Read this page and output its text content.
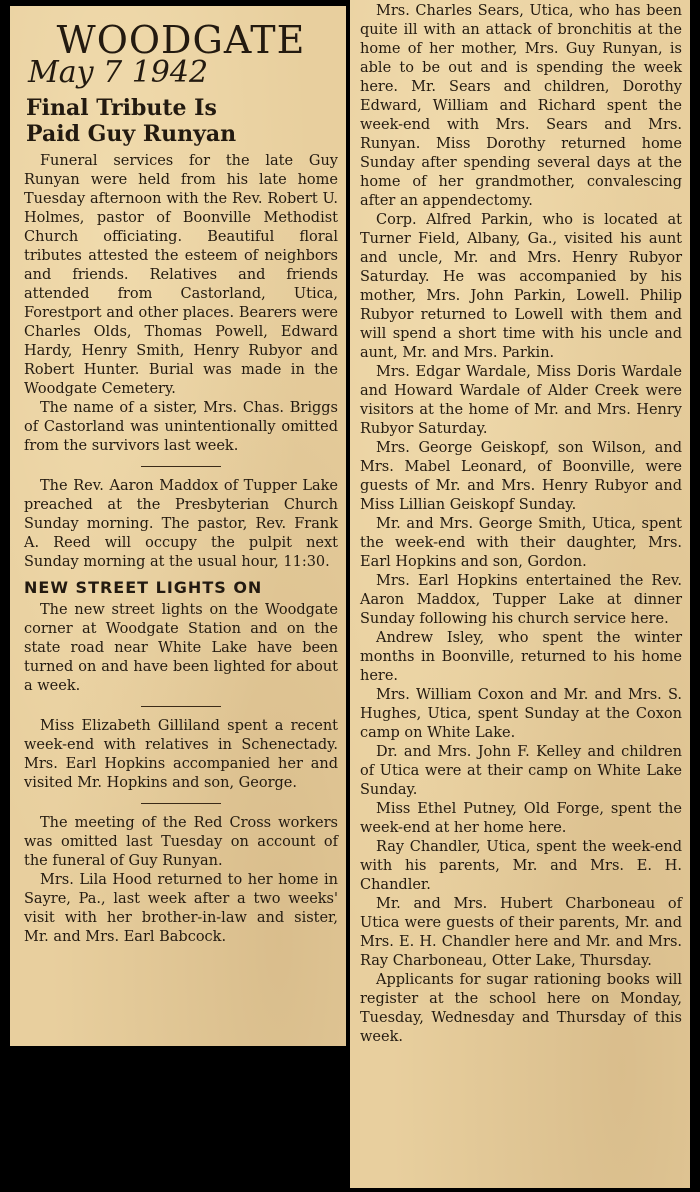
WOODGATE
May 7 1942
Final Tribute Is
Paid Guy Runyan

Funeral services for the late Guy Runyan were held from his late home Tuesday afternoon with the Rev. Robert U. Holmes, pastor of Boonville Methodist Church officiating. Beautiful floral tributes attested the esteem of neighbors and friends. Relatives and friends attended from Castorland, Utica, Forestport and other places. Bearers were Charles Olds, Thomas Powell, Edward Hardy, Henry Smith, Henry Rubyor and Robert Hunter. Burial was made in the Woodgate Cemetery.

The name of a sister, Mrs. Chas. Briggs of Castorland was unintentionally omitted from the survivors last week.

The Rev. Aaron Maddox of Tupper Lake preached at the Presbyterian Church Sunday morning. The pastor, Rev. Frank A. Reed will occupy the pulpit next Sunday morning at the usual hour, 11:30.

NEW STREET LIGHTS ON

The new street lights on the Woodgate corner at Woodgate Station and on the state road near White Lake have been turned on and have been lighted for about a week.

Miss Elizabeth Gilliland spent a recent week-end with relatives in Schenectady. Mrs. Earl Hopkins accompanied her and visited Mr. Hopkins and son, George.

The meeting of the Red Cross workers was omitted last Tuesday on account of the funeral of Guy Runyan.

Mrs. Lila Hood returned to her home in Sayre, Pa., last week after a two weeks' visit with her brother-in-law and sister, Mr. and Mrs. Earl Babcock.

Mrs. Charles Sears, Utica, who has been quite ill with an attack of bronchitis at the home of her mother, Mrs. Guy Runyan, is able to be out and is spending the week here. Mr. Sears and children, Dorothy Edward, William and Richard spent the week-end with Mrs. Sears and Mrs. Runyan. Miss Dorothy returned home Sunday after spending several days at the home of her grandmother, convalescing after an appendectomy.

Corp. Alfred Parkin, who is located at Turner Field, Albany, Ga., visited his aunt and uncle, Mr. and Mrs. Henry Rubyor Saturday. He was accompanied by his mother, Mrs. John Parkin, Lowell. Philip Rubyor returned to Lowell with them and will spend a short time with his uncle and aunt, Mr. and Mrs. Parkin.

Mrs. Edgar Wardale, Miss Doris Wardale and Howard Wardale of Alder Creek were visitors at the home of Mr. and Mrs. Henry Rubyor Saturday.

Mrs. George Geiskopf, son Wilson, and Mrs. Mabel Leonard, of Boonville, were guests of Mr. and Mrs. Henry Rubyor and Miss Lillian Geiskopf Sunday.

Mr. and Mrs. George Smith, Utica, spent the week-end with their daughter, Mrs. Earl Hopkins and son, Gordon.

Mrs. Earl Hopkins entertained the Rev. Aaron Maddox, Tupper Lake at dinner Sunday following his church service here.

Andrew Isley, who spent the winter months in Boonville, returned to his home here.

Mrs. William Coxon and Mr. and Mrs. S. Hughes, Utica, spent Sunday at the Coxon camp on White Lake.

Dr. and Mrs. John F. Kelley and children of Utica were at their camp on White Lake Sunday.

Miss Ethel Putney, Old Forge, spent the week-end at her home here.

Ray Chandler, Utica, spent the week-end with his parents, Mr. and Mrs. E. H. Chandler.

Mr. and Mrs. Hubert Charboneau of Utica were guests of their parents, Mr. and Mrs. E. H. Chandler here and Mr. and Mrs. Ray Charboneau, Otter Lake, Thursday.

Applicants for sugar rationing books will register at the school here on Monday, Tuesday, Wednesday and Thursday of this week.
